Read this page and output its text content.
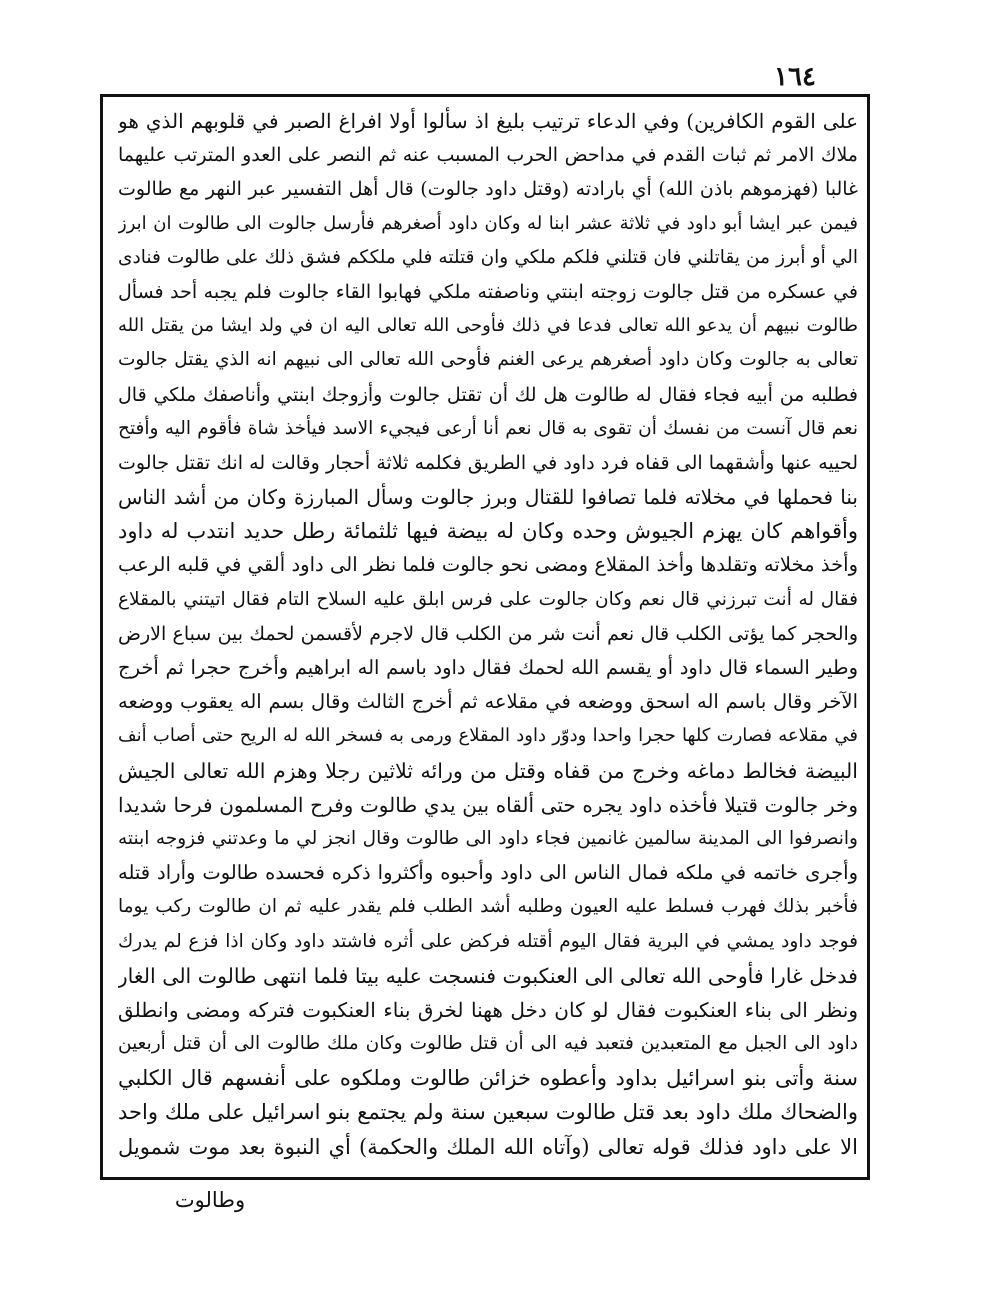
١٦٤
على القوم الكافرين) وفي الدعاء ترتيب بليغ اذ سألوا أولا افراغ الصبر في قلوبهم الذي هو
ملاك الامر ثم ثبات القدم في مداحض الحرب المسبب عنه ثم النصر على العدو المترتب عليهما
غالبا (فهزموهم باذن الله) أي بارادته (وقتل داود جالوت) قال أهل التفسير عبر النهر مع طالوت
فيمن عبر ايشا أبو داود في ثلاثة عشر ابنا له وكان داود أصغرهم فأرسل جالوت الى طالوت ان ابرز
الي أو أبرز من يقاتلني فان قتلني فلكم ملكي وان قتلته فلي ملككم فشق ذلك على طالوت فنادى
في عسكره من قتل جالوت زوجته ابنتي وناصفته ملكي فهابوا القاء جالوت فلم يجبه أحد فسأل
طالوت نبيهم أن يدعو الله تعالى فدعا في ذلك فأوحى الله تعالى اليه ان في ولد ايشا من يقتل الله
تعالى به جالوت وكان داود أصغرهم يرعى الغنم فأوحى الله تعالى الى نبيهم انه الذي يقتل جالوت
فطلبه من أبيه فجاء فقال له طالوت هل لك أن تقتل جالوت وأزوجك ابنتي وأناصفك ملكي قال
نعم قال آنست من نفسك أن تقوى به قال نعم أنا أرعى فيجيء الاسد فيأخذ شاة فأقوم اليه وأفتح
لحييه عنها وأشقهما الى قفاه فرد داود في الطريق فكلمه ثلاثة أحجار وقالت له انك تقتل جالوت
بنا فحملها في مخلاته فلما تصافوا للقتال وبرز جالوت وسأل المبارزة وكان من أشد الناس
وأقواهم كان يهزم الجيوش وحده وكان له بيضة فيها ثلثمائة رطل حديد انتدب له داود
وأخذ مخلاته وتقلدها وأخذ المقلاع ومضى نحو جالوت فلما نظر الى داود ألقي في قلبه الرعب
فقال له أنت تبرزني قال نعم وكان جالوت على فرس ابلق عليه السلاح التام فقال اتيتني بالمقلاع
والحجر كما يؤتى الكلب قال نعم أنت شر من الكلب قال لاجرم لأقسمن لحمك بين سباع الارض
وطير السماء قال داود أو يقسم الله لحمك فقال داود باسم اله ابراهيم وأخرج حجرا ثم أخرج
الآخر وقال باسم اله اسحق ووضعه في مقلاعه ثم أخرج الثالث وقال بسم اله يعقوب ووضعه
في مقلاعه فصارت كلها حجرا واحدا ودوّر داود المقلاع ورمى به فسخر الله له الريح حتى أصاب أنف
البيضة فخالط دماغه وخرج من قفاه وقتل من ورائه ثلاثين رجلا وهزم الله تعالى الجيش
وخر جالوت قتيلا فأخذه داود يجره حتى ألقاه بين يدي طالوت وفرح المسلمون فرحا شديدا
وانصرفوا الى المدينة سالمين غانمين فجاء داود الى طالوت وقال انجز لي ما وعدتني فزوجه ابنته
وأجرى خاتمه في ملكه فمال الناس الى داود وأحبوه وأكثروا ذكره فحسده طالوت وأراد قتله
فأخبر بذلك فهرب فسلط عليه العيون وطلبه أشد الطلب فلم يقدر عليه ثم ان طالوت ركب يوما
فوجد داود يمشي في البرية فقال اليوم أقتله فركض على أثره فاشتد داود وكان اذا فزع لم يدرك
فدخل غارا فأوحى الله تعالى الى العنكبوت فنسجت عليه بيتا فلما انتهى طالوت الى الغار
ونظر الى بناء العنكبوت فقال لو كان دخل ههنا لخرق بناء العنكبوت فتركه ومضى وانطلق
داود الى الجبل مع المتعبدين فتعبد فيه الى أن قتل طالوت وكان ملك طالوت الى أن قتل أربعين
سنة وأتى بنو اسرائيل بداود وأعطوه خزائن طالوت وملكوه على أنفسهم قال الكلبي
والضحاك ملك داود بعد قتل طالوت سبعين سنة ولم يجتمع بنو اسرائيل على ملك واحد
الا على داود فذلك قوله تعالى (وآتاه الله الملك والحكمة) أي النبوة بعد موت شمويل
وطالوت
